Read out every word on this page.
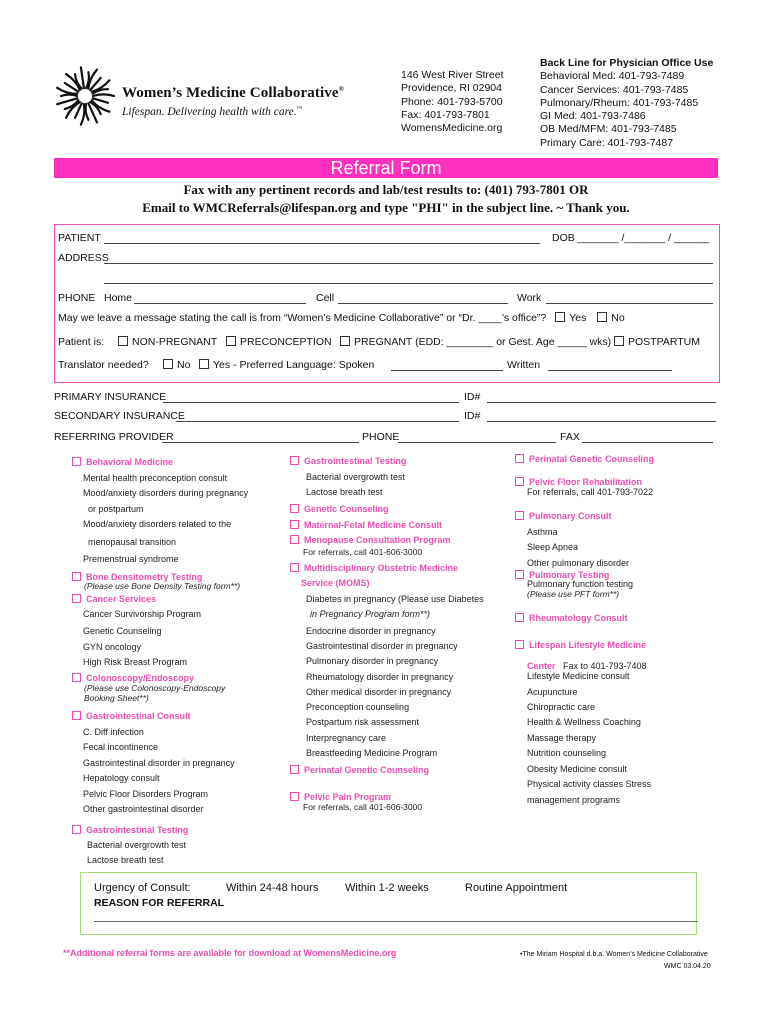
Women’s Medicine Collaborative®
Lifespan. Delivering health with care.™
146 West River Street
Providence, RI 02904
Phone: 401-793-5700
Fax: 401-793-7801
WomensMedicine.org
Back Line for Physician Office Use
Behavioral Med: 401-793-7489
Cancer Services: 401-793-7485
Pulmonary/Rheum: 401-793-7485
GI Med: 401-793-7486
OB Med/MFM: 401-793-7485
Primary Care: 401-793-7487
Referral Form
Fax with any pertinent records and lab/test results to: (401) 793-7801 OR
Email to WMCReferrals@lifespan.org and type "PHI" in the subject line. ~ Thank you.
PATIENT	DOB _______ /_______ / ______
ADDRESS
PHONE Home	Cell	Work
May we leave a message stating the call is from “Women’s Medicine Collaborative” or “Dr. ____’s office”? Yes No
Patient is:	NON-PREGNANT	PRECONCEPTION	PREGNANT (EDD: ________ or Gest. Age _____ wks)	POSTPARTUM
Translator needed?	No	Yes - Preferred Language: Spoken	Written
PRIMARY INSURANCE	ID#
SECONDARY INSURANCE	ID#
REFERRING PROVIDER	PHONE	FAX
Behavioral Medicine
Mental health preconception consult
Mood/anxiety disorders during pregnancy
or postpartum
Mood/anxiety disorders related to the
menopausal transition
Premenstrual syndrome
Bone Densitometry Testing
(Please use Bone Density Testing form**)
Cancer Services
Cancer Survivorship Program
Genetic Counseling
GYN oncology
High Risk Breast Program
Colonoscopy/Endoscopy
(Please use Colonoscopy-Endoscopy
Booking Sheet**)
Gastrointestinal Consult
C. Diff infection
Fecal incontinence
Gastrointestinal disorder in pregnancy
Hepatology consult
Pelvic Floor Disorders Program
Other gastrointestinal disorder
Gastrointestinal Testing
Bacterial overgrowth test
Lactose breath test
Gastrointestinal Testing
Bacterial overgrowth test
Lactose breath test
Genetic Counseling
Maternal-Fetal Medicine Consult
Menopause Consultation Program
For referrals, call 401-606-3000
Multidisciplinary Obstetric Medicine
Service (MOMS)
Diabetes in pregnancy (Please use Diabetes
in Pregnancy Program form**)
Endocrine disorder in pregnancy
Gastrointestinal disorder in pregnancy
Pulmonary disorder in pregnancy
Rheumatology disorder in pregnancy
Other medical disorder in pregnancy
Preconception counseling
Postpartum risk assessment
Interpregnancy care
Breastfeeding Medicine Program
Perinatal Genetic Counseling
Pelvic Pain Program
For referrals, call 401-606-3000
Perinatal Genetic Counseling
Pelvic Floor Rehabilitation
For referrals, call 401-793-7022
Pulmonary Consult
Asthma
Sleep Apnea
Other pulmonary disorder
Pulmonary Testing
Pulmonary function testing
(Please use PFT form**)
Rheumatology Consult
Lifespan Lifestyle Medicine
Center Fax to 401-793-7408
Lifestyle Medicine consult
Acupuncture
Chiropractic care
Health & Wellness Coaching
Massage therapy
Nutrition counseling
Obesity Medicine consult
Physical activity classes Stress
management programs
Urgency of Consult:	Within 24-48 hours Within 1-2 weeks	Routine Appointment
REASON FOR REFERRAL
**Additional referral forms are available for download at WomensMedicine.org	•The Miriam Hospital d.b.a. Women’s Medicine Collaborative
WMC 03.04.20
